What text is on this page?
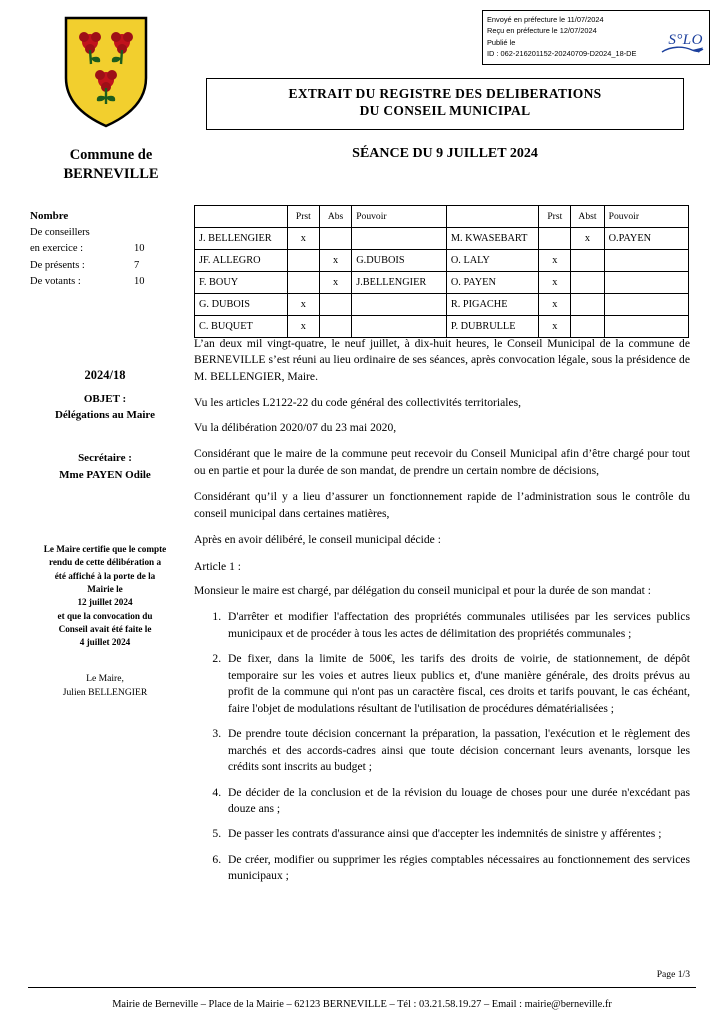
Envoyé en préfecture le 11/07/2024
Reçu en préfecture le 12/07/2024
Publié le
ID : 062-216201152-20240709-D2024_18-DE
S°LO
Commune de
BERNEVILLE
EXTRAIT DU REGISTRE DES DELIBERATIONS
DU CONSEIL MUNICIPAL
SÉANCE DU 9 JUILLET 2024
Nombre
De conseillers
en exercice :	10
De présents :	7
De votants :	10
2024/18
OBJET :
Délégations au Maire
Secrétaire :
Mme PAYEN Odile
Le Maire certifie que le compte
rendu de cette délibération a
été affiché à la porte de la
Mairie le
12 juillet 2024
et que la convocation du
Conseil avait été faite le
4 juillet 2024
Le Maire,
Julien BELLENGIER
	Prst	Abs	Pouvoir		Prst	Abst	Pouvoir
J. BELLENGIER	x			M. KWASEBART		x	O.PAYEN
JF. ALLEGRO		x	G.DUBOIS	O. LALY	x		
F. BOUY		x	J.BELLENGIER	O. PAYEN	x		
G. DUBOIS	x			R. PIGACHE	x		
C. BUQUET	x			P. DUBRULLE	x		

L’an deux mil vingt-quatre, le neuf juillet, à dix-huit heures, le Conseil Municipal de la commune de BERNEVILLE s’est réuni au lieu ordinaire de ses séances, après convocation légale, sous la présidence de M. BELLENGIER, Maire.

Vu les articles L2122-22 du code général des collectivités territoriales,

Vu la délibération 2020/07 du 23 mai 2020,

Considérant que le maire de la commune peut recevoir du Conseil Municipal afin d’être chargé pour tout ou en partie et pour la durée de son mandat, de prendre un certain nombre de décisions,

Considérant qu’il y a lieu d’assurer un fonctionnement rapide de l’administration sous le contrôle du conseil municipal dans certaines matières,

Après en avoir délibéré, le conseil municipal décide :

Article 1 :

Monsieur le maire est chargé, par délégation du conseil municipal et pour la durée de son mandat :

1. D'arrêter et modifier l'affectation des propriétés communales utilisées par les services publics municipaux et de procéder à tous les actes de délimitation des propriétés communales ;
2. De fixer, dans la limite de 500€, les tarifs des droits de voirie, de stationnement, de dépôt temporaire sur les voies et autres lieux publics et, d'une manière générale, des droits prévus au profit de la commune qui n'ont pas un caractère fiscal, ces droits et tarifs pouvant, le cas échéant, faire l'objet de modulations résultant de l'utilisation de procédures dématérialisées ;
3. De prendre toute décision concernant la préparation, la passation, l'exécution et le règlement des marchés et des accords-cadres ainsi que toute décision concernant leurs avenants, lorsque les crédits sont inscrits au budget ;
4. De décider de la conclusion et de la révision du louage de choses pour une durée n'excédant pas douze ans ;
5. De passer les contrats d'assurance ainsi que d'accepter les indemnités de sinistre y afférentes ;
6. De créer, modifier ou supprimer les régies comptables nécessaires au fonctionnement des services municipaux ;
Page 1/3
Mairie de Berneville – Place de la Mairie – 62123 BERNEVILLE – Tél : 03.21.58.19.27 – Email : mairie@berneville.fr
